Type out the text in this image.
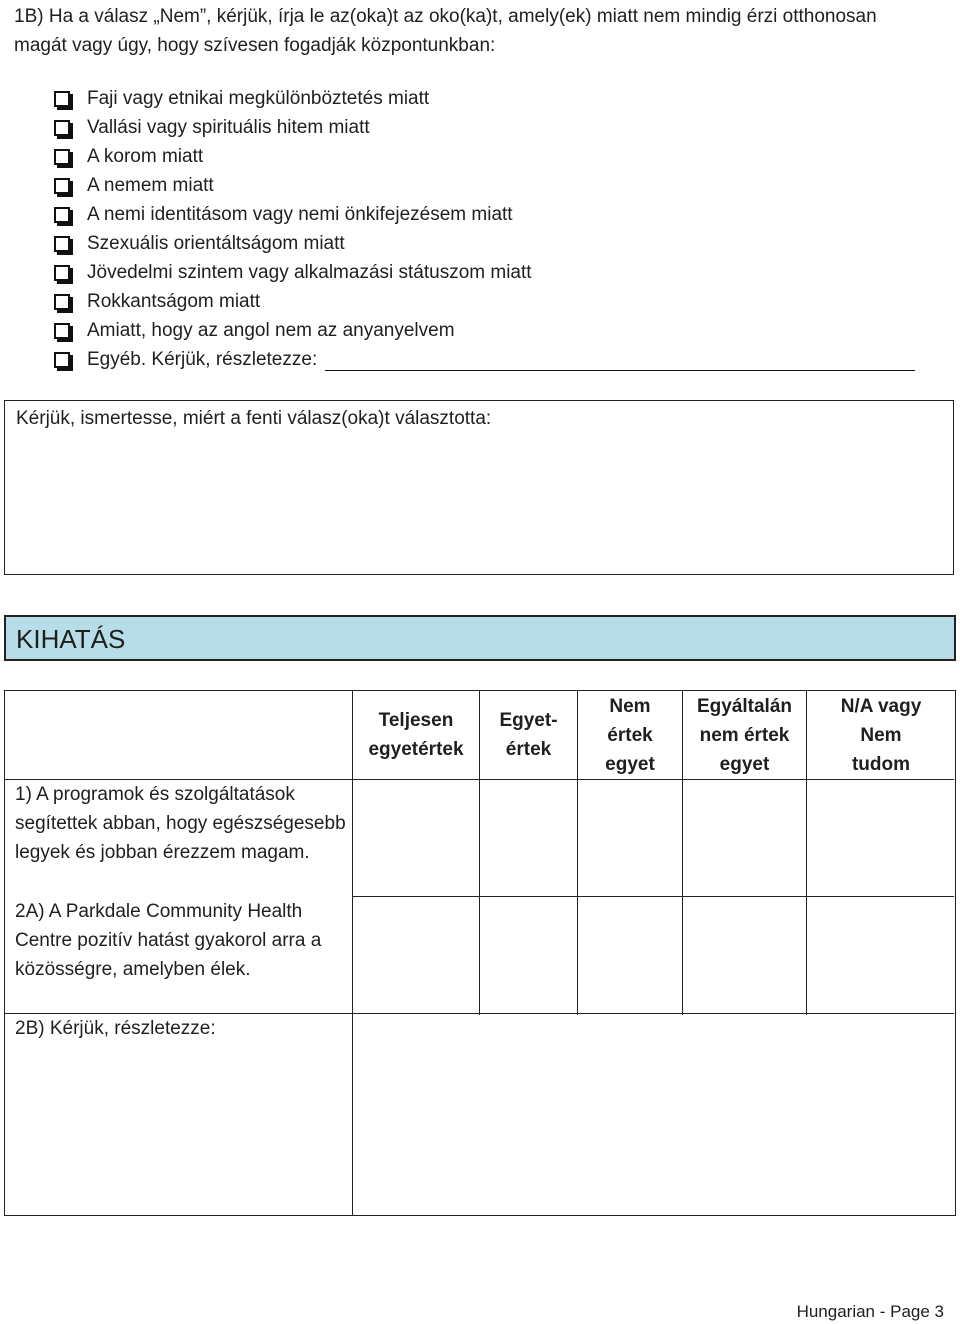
1B) Ha a válasz „Nem”, kérjük, írja le az(oka)t az oko(ka)t, amely(ek) miatt nem mindig érzi otthonosan magát vagy úgy, hogy szívesen fogadják központunkban:
Faji vagy etnikai megkülönböztetés miatt
Vallási vagy spirituális hitem miatt
A korom miatt
A nemem miatt
A nemi identitásom vagy nemi önkifejezésem miatt
Szexuális orientáltságom miatt
Jövedelmi szintem vagy alkalmazási státuszom miatt
Rokkantságom miatt
Amiatt, hogy az angol nem az anyanyelvem
Egyéb. Kérjük, részletezze:
Kérjük, ismertesse, miért a fenti válasz(oka)t választotta:
KIHATÁS
Teljesen
egyetértek
Egyet-
értek
Nem
értek
egyet
Egyáltalán
nem értek
egyet
N/A vagy
Nem
tudom
1) A programok és szolgáltatások segítettek abban, hogy egészségesebb legyek és jobban érezzem magam.
2A) A Parkdale Community Health Centre pozitív hatást gyakorol arra a közösségre, amelyben élek.
2B) Kérjük, részletezze:
Hungarian - Page 3
